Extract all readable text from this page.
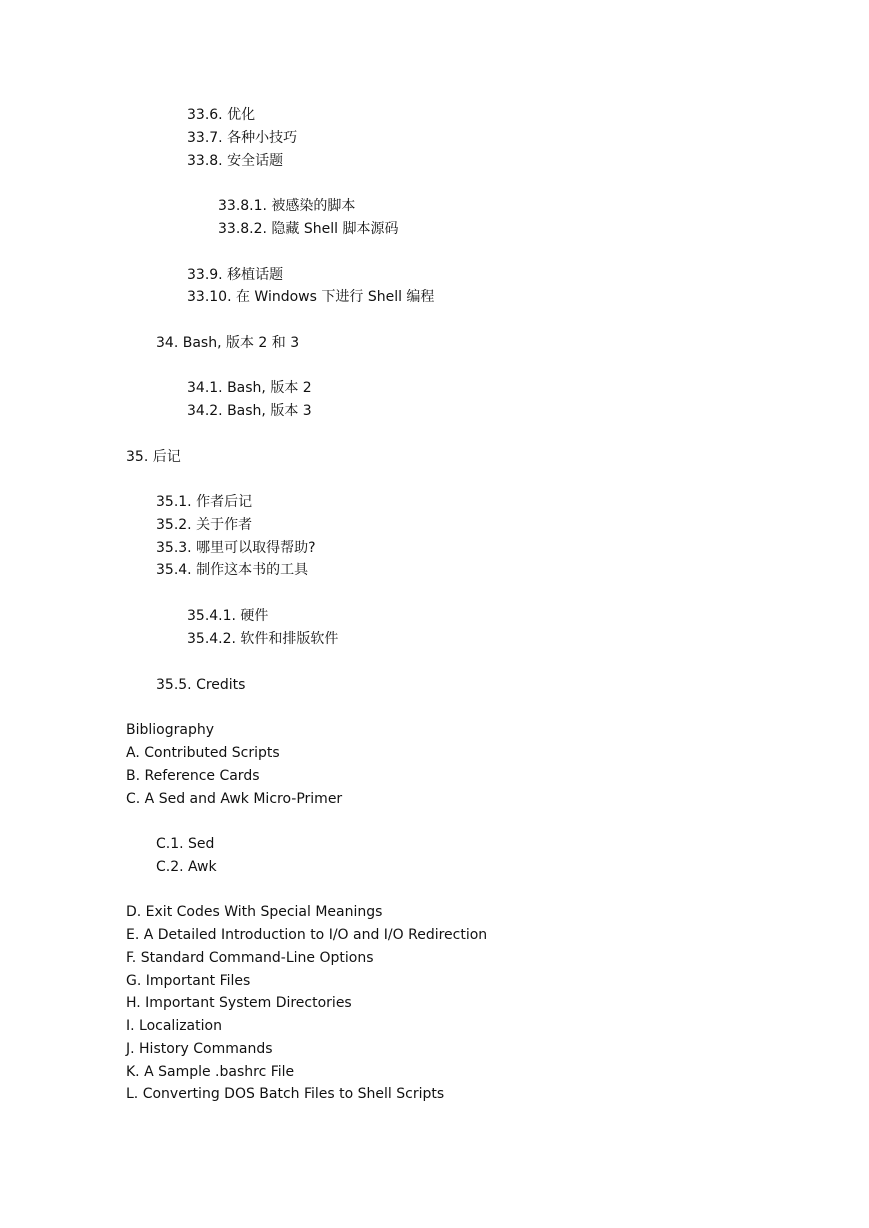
33.6. 优化
33.7. 各种小技巧
33.8. 安全话题
33.8.1. 被感染的脚本
33.8.2. 隐藏 Shell 脚本源码
33.9. 移植话题
33.10. 在 Windows 下进行 Shell 编程
34. Bash, 版本 2 和 3
34.1. Bash, 版本 2
34.2. Bash, 版本 3
35. 后记
35.1. 作者后记
35.2. 关于作者
35.3. 哪里可以取得帮助?
35.4. 制作这本书的工具
35.4.1. 硬件
35.4.2. 软件和排版软件
35.5. Credits
Bibliography
A. Contributed Scripts
B. Reference Cards
C. A Sed and Awk Micro-Primer
C.1. Sed
C.2. Awk
D. Exit Codes With Special Meanings
E. A Detailed Introduction to I/O and I/O Redirection
F. Standard Command-Line Options
G. Important Files
H. Important System Directories
I. Localization
J. History Commands
K. A Sample .bashrc File
L. Converting DOS Batch Files to Shell Scripts
